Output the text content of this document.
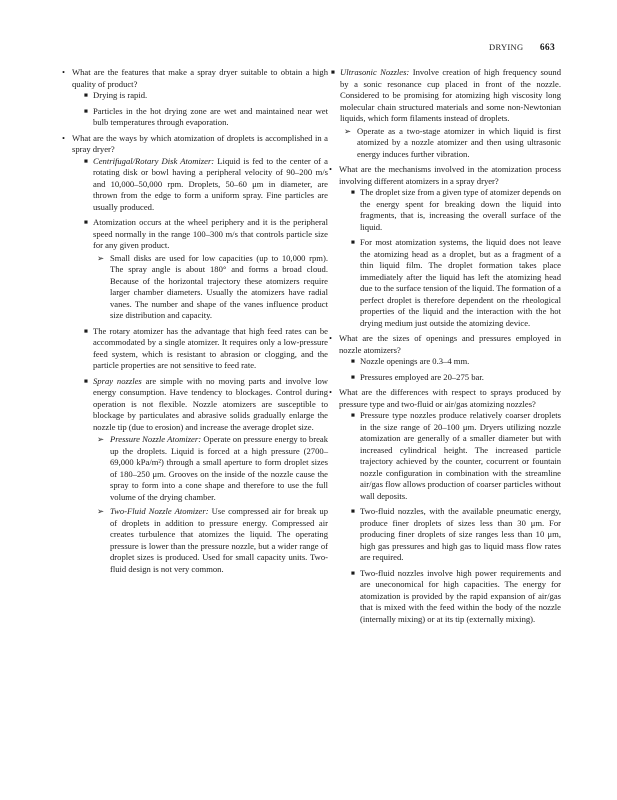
DRYING 663
• What are the features that make a spray dryer suitable to obtain a high quality of product?
■ Drying is rapid.
■ Particles in the hot drying zone are wet and maintained near wet bulb temperatures through evaporation.
• What are the ways by which atomization of droplets is accomplished in a spray dryer?
■ Centrifugal/Rotary Disk Atomizer: Liquid is fed to the center of a rotating disk or bowl having a peripheral velocity of 90–200 m/s and 10,000–50,000 rpm. Droplets, 50–60 μm in diameter, are thrown from the edge to form a uniform spray. Fine particles are usually produced.
■ Atomization occurs at the wheel periphery and it is the peripheral speed normally in the range 100–300 m/s that controls particle size for any given product.
➢ Small disks are used for low capacities (up to 10,000 rpm). The spray angle is about 180° and forms a broad cloud. Because of the horizontal trajectory these atomizers require larger chamber diameters. Usually the atomizers have radial vanes. The number and shape of the vanes influence product size distribution and capacity.
■ The rotary atomizer has the advantage that high feed rates can be accommodated by a single atomizer. It requires only a low-pressure feed system, which is resistant to abrasion or clogging, and the particle properties are not sensitive to feed rate.
■ Spray nozzles are simple with no moving parts and involve low energy consumption. Have tendency to blockages. Control during operation is not flexible. Nozzle atomizers are susceptible to blockage by particulates and abrasive solids gradually enlarge the nozzle tip (due to erosion) and increase the average droplet size.
➢ Pressure Nozzle Atomizer: Operate on pressure energy to break up the droplets. Liquid is forced at a high pressure (2700–69,000 kPa/m²) through a small aperture to form droplet sizes of 180–250 μm. Grooves on the inside of the nozzle cause the spray to form into a cone shape and therefore to use the full volume of the drying chamber.
➢ Two-Fluid Nozzle Atomizer: Use compressed air for break up of droplets in addition to pressure energy. Compressed air creates turbulence that atomizes the liquid. The operating pressure is lower than the pressure nozzle, but a wider range of droplet sizes is produced. Used for small capacity units. Two-fluid design is not very common.
■ Ultrasonic Nozzles: Involve creation of high frequency sound by a sonic resonance cup placed in front of the nozzle. Considered to be promising for atomizing high viscosity long molecular chain structured materials and some non-Newtonian liquids, which form filaments instead of droplets.
➢ Operate as a two-stage atomizer in which liquid is first atomized by a nozzle atomizer and then using ultrasonic energy induces further vibration.
• What are the mechanisms involved in the atomization process involving different atomizers in a spray dryer?
■ The droplet size from a given type of atomizer depends on the energy spent for breaking down the liquid into fragments, that is, increasing the overall surface of the liquid.
■ For most atomization systems, the liquid does not leave the atomizing head as a droplet, but as a fragment of a thin liquid film. The droplet formation takes place immediately after the liquid has left the atomizing head due to the surface tension of the liquid. The formation of a perfect droplet is therefore dependent on the rheological properties of the liquid and the interaction with the hot drying medium just outside the atomizing device.
• What are the sizes of openings and pressures employed in nozzle atomizers?
■ Nozzle openings are 0.3–4 mm.
■ Pressures employed are 20–275 bar.
• What are the differences with respect to sprays produced by pressure type and two-fluid or air/gas atomizing nozzles?
■ Pressure type nozzles produce relatively coarser droplets in the size range of 20–100 μm. Dryers utilizing nozzle atomization are generally of a smaller diameter but with increased cylindrical height. The increased particle trajectory achieved by the counter, cocurrent or fountain nozzle configuration in combination with the streamline air/gas flow allows production of coarser particles without wall deposits.
■ Two-fluid nozzles, with the available pneumatic energy, produce finer droplets of sizes less than 30 μm. For producing finer droplets of size ranges less than 10 μm, high gas pressures and high gas to liquid mass flow rates are required.
■ Two-fluid nozzles involve high power requirements and are uneconomical for high capacities. The energy for atomization is provided by the rapid expansion of air/gas that is mixed with the feed within the body of the nozzle (internally mixing) or at its tip (externally mixing).
